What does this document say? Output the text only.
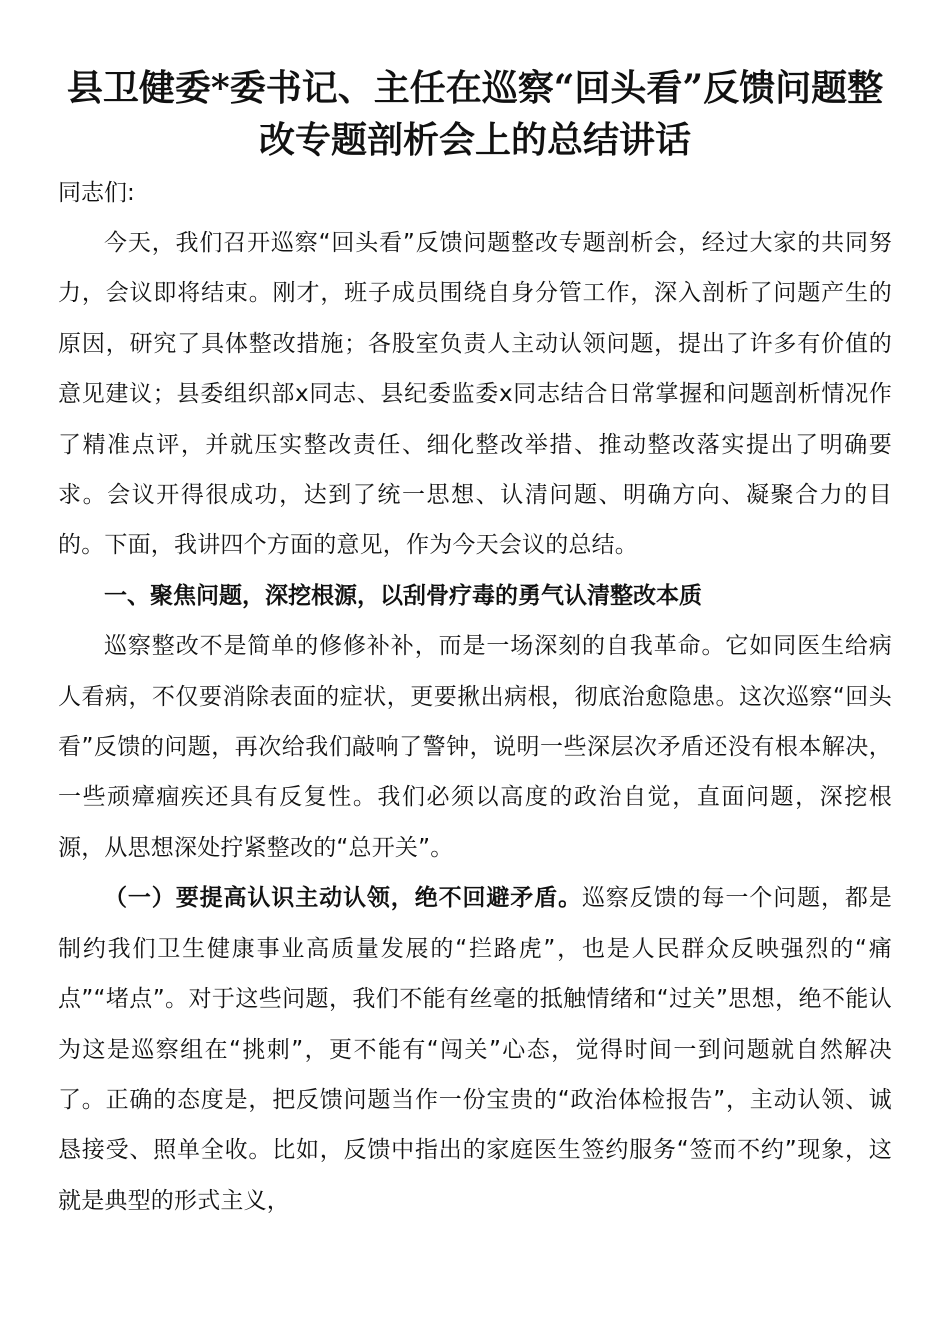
县卫健委*委书记、主任在巡察“回头看”反馈问题整改专题剖析会上的总结讲话

同志们:

今天，我们召开巡察“回头看”反馈问题整改专题剖析会，经过大家的共同努力，会议即将结束。刚才，班子成员围绕自身分管工作，深入剖析了问题产生的原因，研究了具体整改措施；各股室负责人主动认领问题，提出了许多有价值的意见建议；县委组织部x同志、县纪委监委x同志结合日常掌握和问题剖析情况作了精准点评，并就压实整改责任、细化整改举措、推动整改落实提出了明确要求。会议开得很成功，达到了统一思想、认清问题、明确方向、凝聚合力的目的。下面，我讲四个方面的意见，作为今天会议的总结。

一、聚焦问题，深挖根源，以刮骨疗毒的勇气认清整改本质

巡察整改不是简单的修修补补，而是一场深刻的自我革命。它如同医生给病人看病，不仅要消除表面的症状，更要揪出病根，彻底治愈隐患。这次巡察“回头看”反馈的问题，再次给我们敲响了警钟，说明一些深层次矛盾还没有根本解决，一些顽瘴痼疾还具有反复性。我们必须以高度的政治自觉，直面问题，深挖根源，从思想深处拧紧整改的“总开关”。

（一）要提高认识主动认领，绝不回避矛盾。巡察反馈的每一个问题，都是制约我们卫生健康事业高质量发展的“拦路虎”，也是人民群众反映强烈的“痛点”“堵点”。对于这些问题，我们不能有丝毫的抵触情绪和“过关”思想，绝不能认为这是巡察组在“挑刺”，更不能有“闯关”心态，觉得时间一到问题就自然解决了。正确的态度是，把反馈问题当作一份宝贵的“政治体检报告”，主动认领、诚恳接受、照单全收。比如，反馈中指出的家庭医生签约服务“签而不约”现象，这就是典型的形式主义，
